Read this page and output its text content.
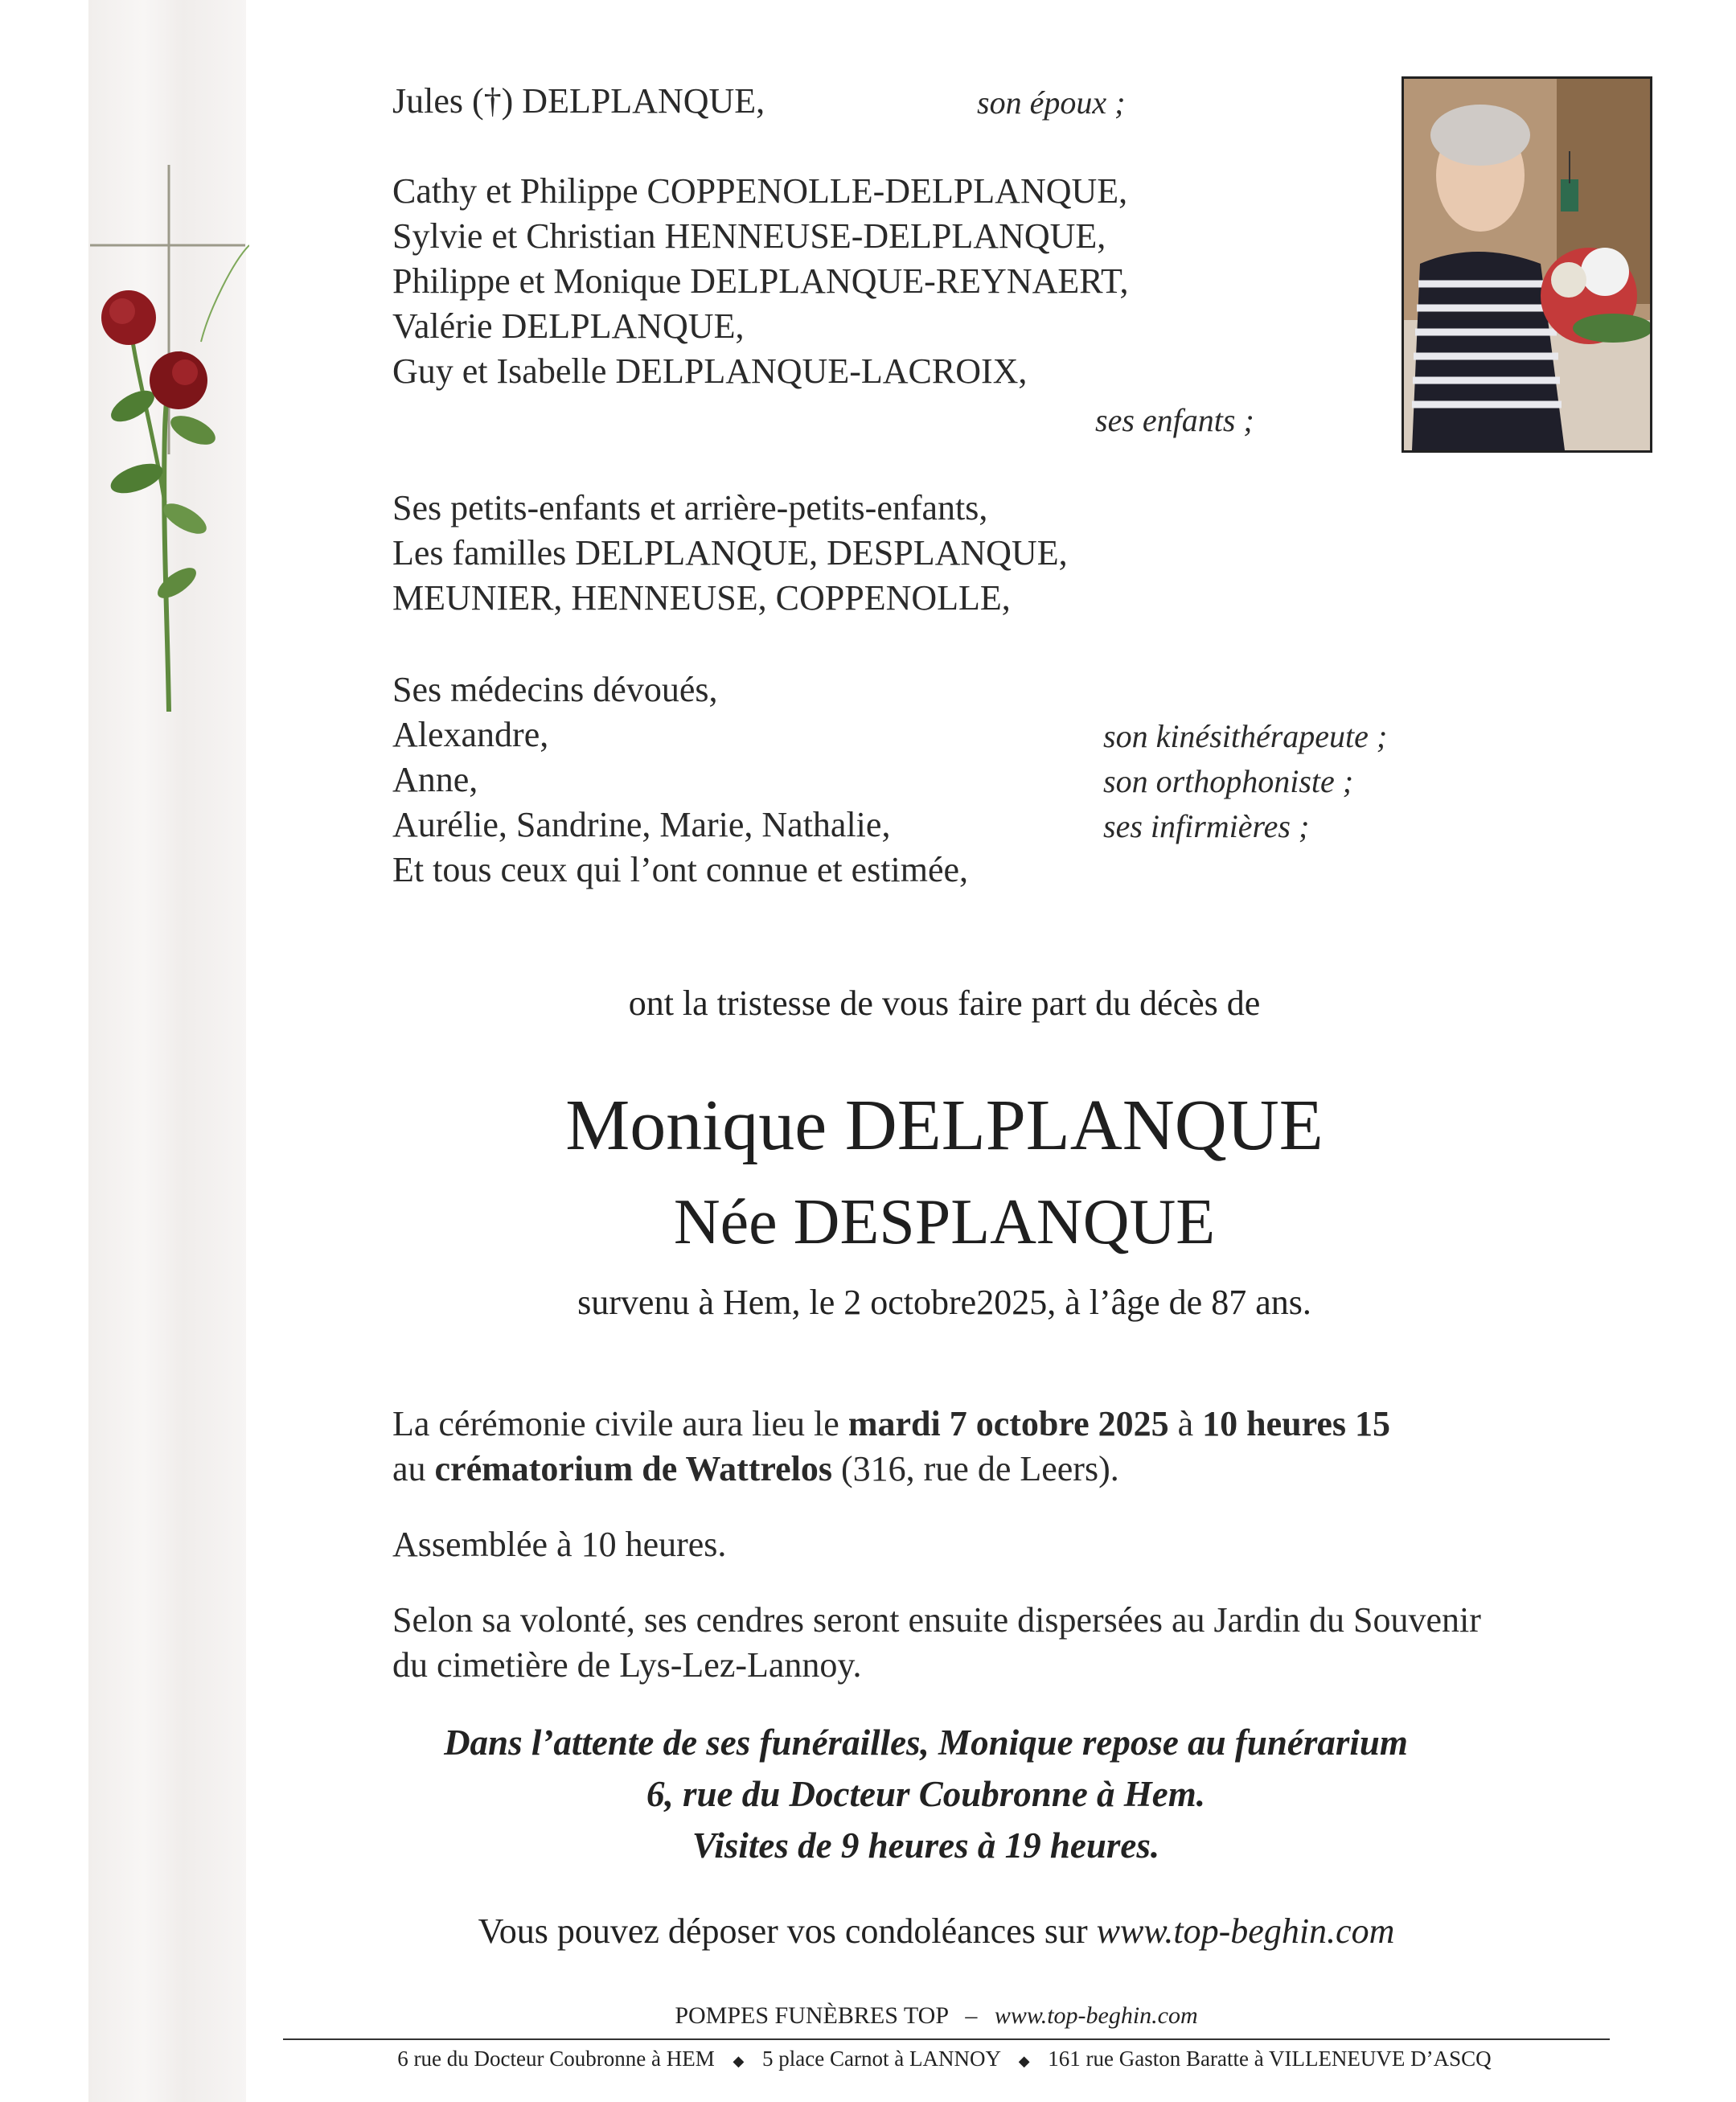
Jules (†) DELPLANQUE,	son époux ;
Cathy et Philippe COPPENOLLE-DELPLANQUE,
Sylvie et Christian HENNEUSE-DELPLANQUE,
Philippe et Monique DELPLANQUE-REYNAERT,
Valérie DELPLANQUE,
Guy et Isabelle DELPLANQUE-LACROIX,
ses enfants ;
Ses petits-enfants et arrière-petits-enfants,
Les familles DELPLANQUE, DESPLANQUE,
MEUNIER, HENNEUSE, COPPENOLLE,
Ses médecins dévoués,
Alexandre,
Anne,
Aurélie, Sandrine, Marie, Nathalie,
Et tous ceux qui l’ont connue et estimée,
son kinésithérapeute ;
son orthophoniste ;
ses infirmières ;
ont la tristesse de vous faire part du décès de
Monique DELPLANQUE
Née DESPLANQUE
survenu à Hem, le 2 octobre2025, à l’âge de 87 ans.
La cérémonie civile aura lieu le mardi 7 octobre 2025 à 10 heures 15
au crématorium de Wattrelos (316, rue de Leers).
Assemblée à 10 heures.
Selon sa volonté, ses cendres seront ensuite dispersées au Jardin du Souvenir
du cimetière de Lys-Lez-Lannoy.
Dans l’attente de ses funérailles, Monique repose au funérarium
6, rue du Docteur Coubronne à Hem.
Visites de 9 heures à 19 heures.
Vous pouvez déposer vos condoléances sur www.top-beghin.com
POMPES FUNÈBRES TOP – www.top-beghin.com
6 rue du Docteur Coubronne à HEM ◆ 5 place Carnot à LANNOY ◆ 161 rue Gaston Baratte à VILLENEUVE D’ASCQ
